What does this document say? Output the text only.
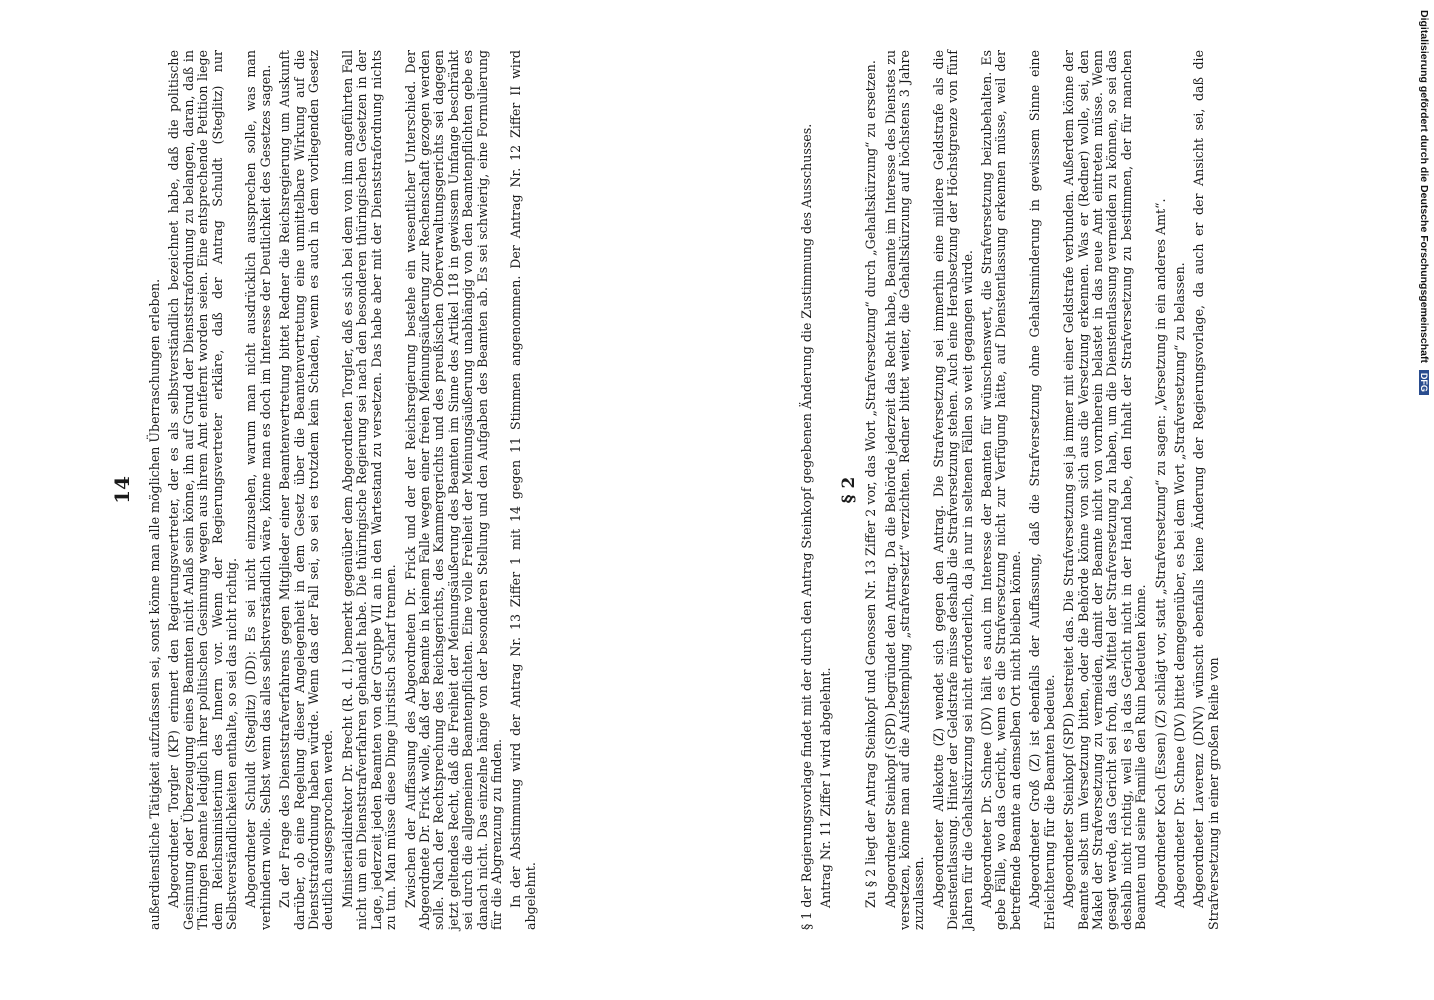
14 außerdienstliche Tätigkeit aufzufassen sei, sonst könne man alle möglichen Überraschungen erleben. Abgeordneter Torgler (KP) erinnert den Regierungsvertreter, der es als selbstverständlich bezeichnet habe, daß die politische Gesinnung oder Überzeugung eines Beamten nicht Anlaß sein könne, ihn auf Grund der Dienststrafordnung zu belangen, daran, daß in Thüringen Beamte lediglich ihrer politischen Gesinnung wegen aus ihrem Amt entfernt worden seien. Eine entsprechende Petition liege dem Reichsministerium des Innern vor. Wenn der Regierungsvertreter erkläre, daß der Antrag Schuldt (Steglitz) nur Selbstverständlichkeiten enthalte, so sei das nicht richtig. Abgeordneter Schuldt (Steglitz) (DD): Es sei nicht einzusehen, warum man nicht ausdrücklich aussprechen solle, was man verhindern wolle. Selbst wenn das alles selbstverständlich wäre, könne man es doch im Interesse der Deutlichkeit des Gesetzes sagen. Zu der Frage des Dienststrafverfahrens gegen Mitglieder einer Beamtenvertretung bittet Redner die Reichsregierung um Auskunft darüber, ob eine Regelung dieser Angelegenheit in dem Gesetz über die Beamtenvertretung eine unmittelbare Wirkung auf die Dienststrafordnung haben würde. Wenn das der Fall sei, so sei es trotzdem kein Schaden, wenn es auch in dem vorliegenden Gesetz deutlich ausgesprochen werde. Ministerialdirektor Dr. Brecht (R. d. I.) bemerkt gegenüber dem Abgeordneten Torgler, daß es sich bei dem von ihm angeführten Fall nicht um ein Dienststrafverfahren gehandelt habe. Die thüringische Regierung sei nach den besonderen thüringischen Gesetzen in der Lage, jederzeit jeden Beamten von der Gruppe VII an in den Wartestand zu versetzen. Das habe aber mit der Dienststrafordnung nichts zu tun. Man müsse diese Dinge juristisch scharf trennen. Zwischen der Auffassung des Abgeordneten Dr. Frick und der der Reichsregierung bestehe ein wesentlicher Unterschied. Der Abgeordnete Dr. Frick wolle, daß der Beamte in keinem Falle wegen einer freien Meinungsäußerung zur Rechenschaft gezogen werden solle. Nach der Rechtsprechung des Reichsgerichts, des Kammergerichts und des preußischen Oberverwaltungsgerichts sei dagegen jetzt geltendes Recht, daß die Freiheit der Meinungsäußerung des Beamten im Sinne des Artikel 118 in gewissem Umfange beschränkt sei durch die allgemeinen Beamtenpflichten. Eine volle Freiheit der Meinungsäußerung unabhängig von den Beamtenpflichten gebe es danach nicht. Das einzelne hänge von der besonderen Stellung und den Aufgaben des Beamten ab. Es sei schwierig, eine Formulierung für die Abgrenzung zu finden. In der Abstimmung wird der Antrag Nr. 13 Ziffer 1 mit 14 gegen 11 Stimmen angenommen. Der Antrag Nr. 12 Ziffer II wird abgelehnt.	§ 1 der Regierungsvorlage findet mit der durch den Antrag Steinkopf gegebenen Änderung die Zustimmung des Ausschusses. Antrag Nr. 11 Ziffer I wird abgelehnt.

§ 2 Zu § 2 liegt der Antrag Steinkopf und Genossen Nr. 13 Ziffer 2 vor, das Wort „Strafversetzung“ durch „Gehaltskürzung“ zu ersetzen. Abgeordneter Steinkopf (SPD) begründet den Antrag. Da die Behörde jederzeit das Recht habe, Beamte im Interesse des Dienstes zu versetzen, könne man auf die Aufstemplung „strafversetzt“ verzichten. Redner bittet weiter, die Gehaltskürzung auf höchstens 3 Jahre zuzulassen. Abgeordneter Allekotte (Z) wendet sich gegen den Antrag. Die Strafversetzung sei immerhin eine mildere Geldstrafe als die Dienstentlassung. Hinter der Geldstrafe müsse deshalb die Strafversetzung stehen. Auch eine Herabsetzung der Höchstgrenze von fünf Jahren für die Gehaltskürzung sei nicht erforderlich, da ja nur in seltenen Fällen so weit gegangen würde. Abgeordneter Dr. Schnee (DV) hält es auch im Interesse der Beamten für wünschenswert, die Strafversetzung beizubehalten. Es gebe Fälle, wo das Gericht, wenn es die Strafversetzung nicht zur Verfügung hätte, auf Dienstentlassung erkennen müsse, weil der betreffende Beamte an demselben Ort nicht bleiben könne. Abgeordneter Groß (Z) ist ebenfalls der Auffassung, daß die Strafversetzung ohne Gehaltsminderung in gewissem Sinne eine Erleichterung für die Beamten bedeute. Abgeordneter Steinkopf (SPD) bestreitet das. Die Strafversetzung sei ja immer mit einer Geldstrafe verbunden. Außerdem könne der Beamte selbst um Versetzung bitten, oder die Behörde könne von sich aus die Versetzung erkennen. Was er (Redner) wolle, sei, den Makel der Strafversetzung zu vermeiden, damit der Beamte nicht von vornherein belastet in das neue Amt eintreten müsse. Wenn gesagt werde, das Gericht sei froh, das Mittel der Strafversetzung zu haben, um die Dienstentlassung vermeiden zu können, so sei das deshalb nicht richtig, weil es ja das Gericht nicht in der Hand habe, den Inhalt der Strafversetzung zu bestimmen, der für manchen Beamten und seine Familie den Ruin bedeuten könne. Abgeordneter Koch (Essen) (Z) schlägt vor, statt „Strafversetzung“ zu sagen: „Versetzung in ein anderes Amt“. Abgeordneter Dr. Schnee (DV) bittet demgegenüber, es bei dem Wort „Strafversetzung“ zu belassen. Abgeordneter Laverenz (DNV) wünscht ebenfalls keine Änderung der Regierungsvorlage, da auch er der Ansicht sei, daß die Strafversetzung in einer großen Reihe von

Digitalisierung gefördert durch die Deutsche Forschungsgemeinschaft DFG
